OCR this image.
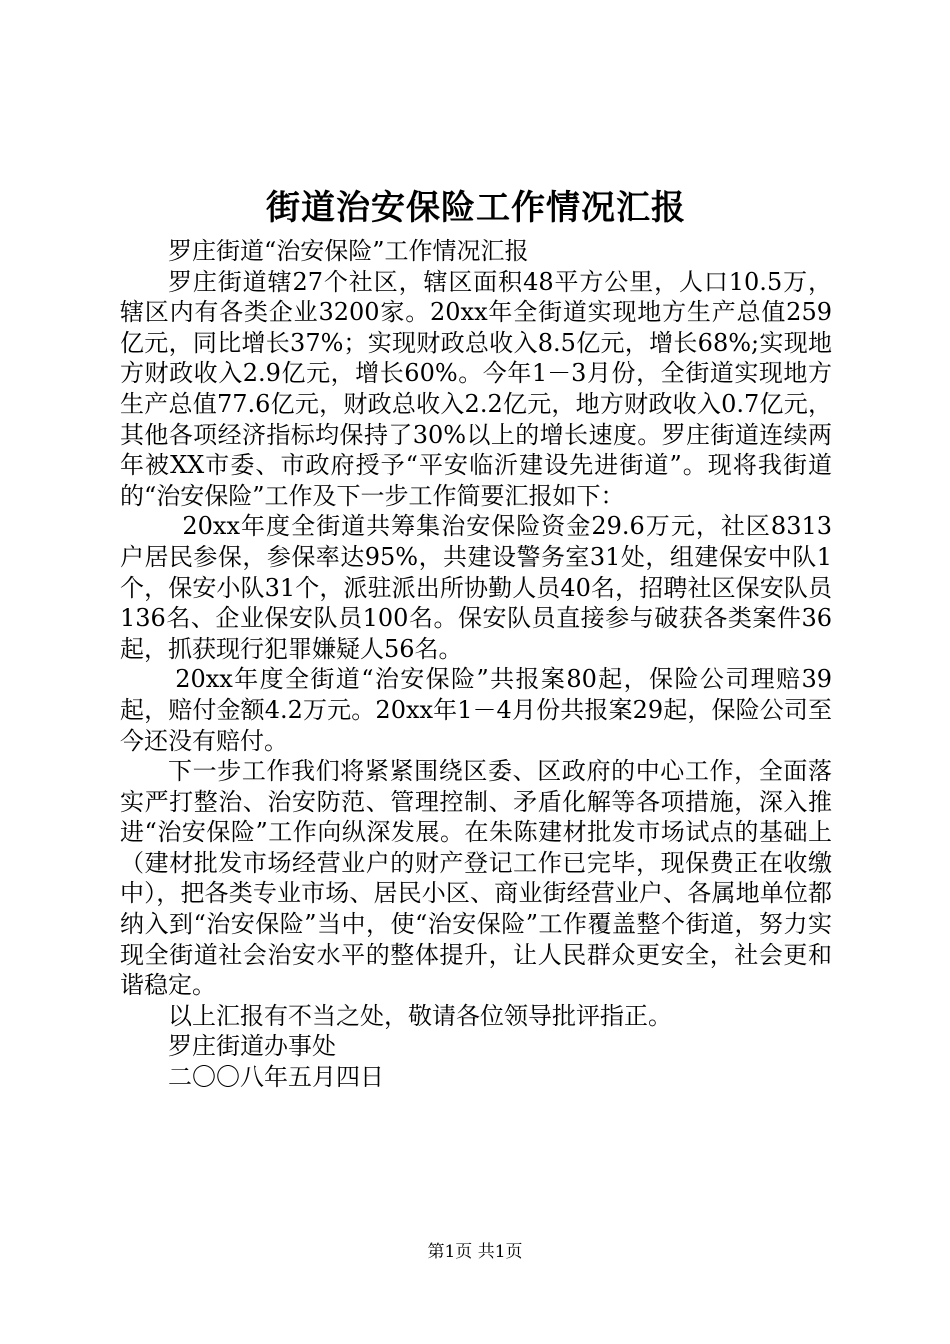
街道治安保险工作情况汇报

罗庄街道“治安保险”工作情况汇报

罗庄街道辖27个社区，辖区面积48平方公里，人口10.5万，辖区内有各类企业3200家。20xx年全街道实现地方生产总值259亿元，同比增长37%；实现财政总收入8.5亿元，增长68%;实现地方财政收入2.9亿元，增长60%。今年1－3月份，全街道实现地方生产总值77.6亿元，财政总收入2.2亿元，地方财政收入0.7亿元，其他各项经济指标均保持了30%以上的增长速度。罗庄街道连续两年被XX市委、市政府授予“平安临沂建设先进街道”。现将我街道的“治安保险”工作及下一步工作简要汇报如下：

20xx年度全街道共筹集治安保险资金29.6万元，社区8313户居民参保，参保率达95%，共建设警务室31处，组建保安中队1个，保安小队31个，派驻派出所协勤人员40名，招聘社区保安队员136名、企业保安队员100名。保安队员直接参与破获各类案件36起，抓获现行犯罪嫌疑人56名。

20xx年度全街道“治安保险”共报案80起，保险公司理赔39起，赔付金额4.2万元。20xx年1－4月份共报案29起，保险公司至今还没有赔付。

下一步工作我们将紧紧围绕区委、区政府的中心工作，全面落实严打整治、治安防范、管理控制、矛盾化解等各项措施，深入推进“治安保险”工作向纵深发展。在朱陈建材批发市场试点的基础上（建材批发市场经营业户的财产登记工作已完毕，现保费正在收缴中），把各类专业市场、居民小区、商业街经营业户、各属地单位都纳入到“治安保险”当中，使“治安保险”工作覆盖整个街道，努力实现全街道社会治安水平的整体提升，让人民群众更安全，社会更和谐稳定。

以上汇报有不当之处，敬请各位领导批评指正。

罗庄街道办事处

二〇〇八年五月四日

第1页 共1页
